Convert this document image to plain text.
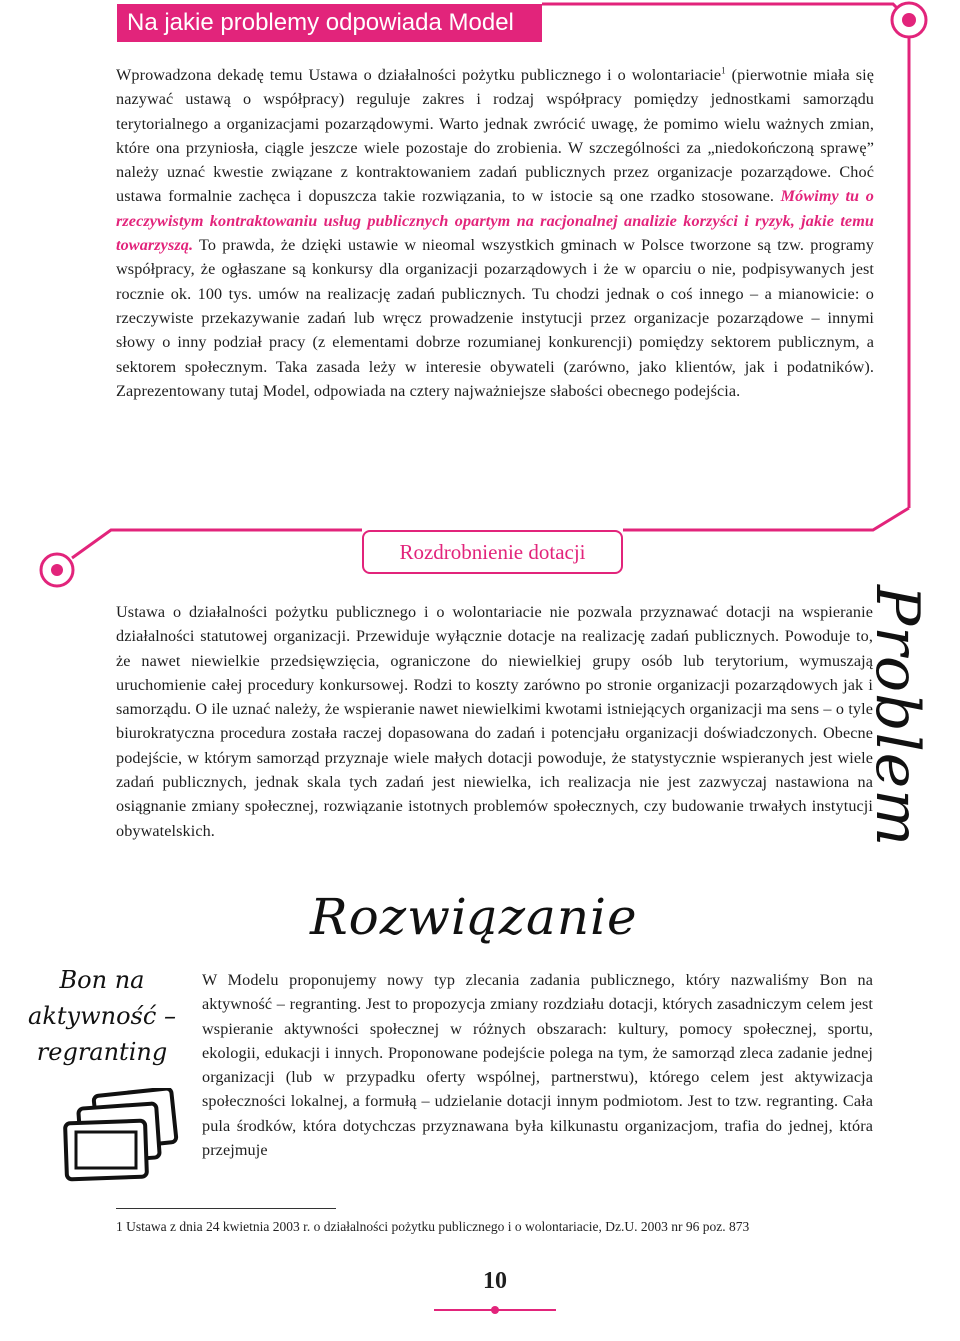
Na jakie problemy odpowiada Model

Wprowadzona dekadę temu Ustawa o działalności pożytku publicznego i o wolontariacie$^1$ (pierwotnie miała się nazywać ustawą o współpracy) reguluje zakres i rodzaj współpracy pomiędzy jednostkami samorządu terytorialnego a organizacjami pozarządowymi. Warto jednak zwrócić uwagę, że pomimo wielu ważnych zmian, które ona przyniosła, ciągle jeszcze wiele pozostaje do zrobienia. W szczególności za „niedokończoną sprawę” należy uznać kwestie związane z kontraktowaniem zadań publicznych przez organizacje pozarządowe. Choć ustawa formalnie zachęca i dopuszcza takie rozwiązania, to w istocie są one rzadko stosowane. Mówimy tu o rzeczywistym kontraktowaniu usług publicznych opartym na racjonalnej analizie korzyści i ryzyk, jakie temu towarzyszą. To prawda, że dzięki ustawie w nieomal wszystkich gminach w Polsce tworzone są tzw. programy współpracy, że ogłaszane są konkursy dla organizacji pozarządowych i że w oparciu o nie, podpisywanych jest rocznie ok. 100 tys. umów na realizację zadań publicznych. Tu chodzi jednak o coś innego – a mianowicie: o rzeczywiste przekazywanie zadań lub wręcz prowadzenie instytucji przez organizacje pozarządowe – innymi słowy o inny podział pracy (z elementami dobrze rozumianej konkurencji) pomiędzy sektorem publicznym, a sektorem społecznym. Taka zasada leży w interesie obywateli (zarówno, jako klientów, jak i podatników). Zaprezentowany tutaj Model, odpowiada na cztery najważniejsze słabości obecnego podejścia.

Rozdrobnienie dotacji

Ustawa o działalności pożytku publicznego i o wolontariacie nie pozwala przyznawać dotacji na wspieranie działalności statutowej organizacji. Przewiduje wyłącznie dotacje na realizację zadań publicznych. Powoduje to, że nawet niewielkie przedsięwzięcia, ograniczone do niewielkiej grupy osób lub terytorium, wymuszają uruchomienie całej procedury konkursowej. Rodzi to koszty zarówno po stronie organizacji pozarządowych jak i samorządu. O ile uznać należy, że wspieranie nawet niewielkimi kwotami istniejących organizacji ma sens – o tyle biurokratyczna procedura została raczej dopasowana do zadań i potencjału organizacji doświadczonych. Obecne podejście, w którym samorząd przyznaje wiele małych dotacji powoduje, że statystycznie wspieranych jest wiele zadań publicznych, jednak skala tych zadań jest niewielka, ich realizacja nie jest zazwyczaj nastawiona na osiągnanie zmiany społecznej, rozwiązanie istotnych problemów społecznych, czy budowanie trwałych instytucji obywatelskich.	Problem
Rozwiązanie
Bon na aktywność – regranting

W Modelu proponujemy nowy typ zlecania zadania publicznego, który nazwaliśmy Bon na aktywność – regranting. Jest to propozycja zmiany rozdziału dotacji, których zasadniczym celem jest wspieranie aktywności społecznej w różnych obszarach: kultury, pomocy społecznej, sportu, ekologii, edukacji i innych. Proponowane podejście polega na tym, że samorząd zleca zadanie jednej organizacji (lub w przypadku oferty wspólnej, partnerstwu), którego celem jest aktywizacja społeczności lokalnej, a formułą – udzielanie dotacji innym podmiotom. Jest to tzw. regranting. Cała pula środków, która dotychczas przyznawana była kilkunastu organizacjom, trafia do jednej, która przejmuje

1 Ustawa z dnia 24 kwietnia 2003 r. o działalności pożytku publicznego i o wolontariacie, Dz.U. 2003 nr 96 poz. 873
10
